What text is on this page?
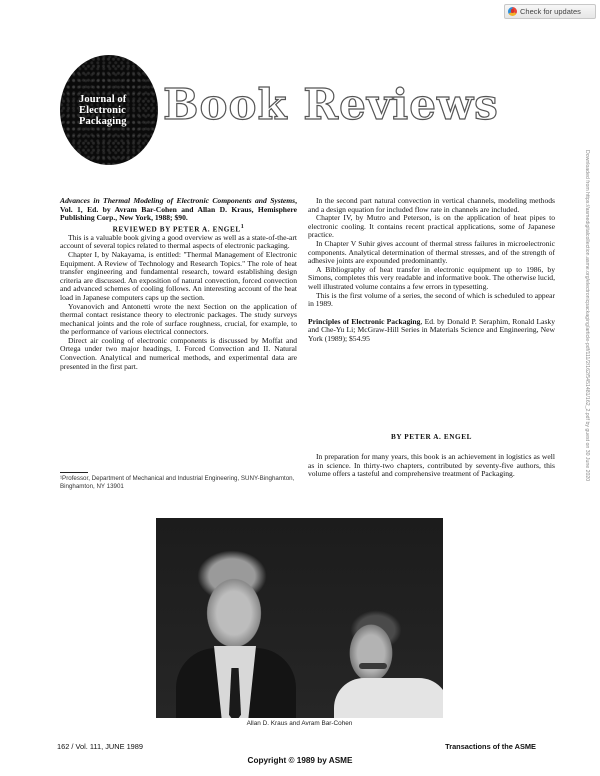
Check for updates
Journal of
Electronic
Packaging Book Reviews

Advances in Thermal Modeling of Electronic Components and Systems, Vol. 1, Ed. by Avram Bar-Cohen and Allan D. Kraus, Hemisphere Publishing Corp., New York, 1988; $90.

REVIEWED BY PETER A. ENGEL$^1$

This is a valuable book giving a good overview as well as a state-of-the-art account of several topics related to thermal aspects of electronic packaging.

Chapter I, by Nakayama, is entitled: "Thermal Management of Electronic Equipment. A Review of Technology and Research Topics." The role of heat transfer engineering and fundamental research, toward establishing design criteria are discussed. An exposition of natural convection, forced convection and advanced schemes of cooling follows. An interesting account of the heat load in Japanese computers caps up the section.

Yovanovich and Antonetti wrote the next Section on the application of thermal contact resistance theory to electronic packages. The study surveys mechanical joints and the role of surface roughness, crucial, for example, to the performance of various electrical connectors.

Direct air cooling of electronic components is discussed by Moffat and Ortega under two major headings, I. Forced Convection and II. Natural Convection. Analytical and numerical methods, and experimental data are presented in the first part.

¹Professor, Department of Mechanical and Industrial Engineering, SUNY-Binghamton, Binghamton, NY 13901

In the second part natural convection in vertical channels, modeling methods and a design equation for included flow rate in channels are included.

Chapter IV, by Mutro and Peterson, is on the application of heat pipes to electronic cooling. It contains recent practical applications, some of Japanese practice.

In Chapter V Suhir gives account of thermal stress failures in microelectronic components. Analytical determination of thermal stresses, and of the strength of adhesive joints are expounded predominantly.

A Bibliography of heat transfer in electronic equipment up to 1986, by Simons, completes this very readable and informative book. The otherwise lucid, well illustrated volume contains a few errors in typesetting.

This is the first volume of a series, the second of which is scheduled to appear in 1989.

Principles of Electronic Packaging, Ed. by Donald P. Seraphim, Ronald Lasky and Che-Yu Li; McGraw-Hill Series in Materials Science and Engineering, New York (1989); $54.95

BY PETER A. ENGEL

In preparation for many years, this book is an achievement in logistics as well as in science. In thirty-two chapters, contributed by seventy-five authors, this volume offers a tasteful and comprehensive treatment of Packaging.

Allan D. Kraus and Avram Bar-Cohen
162 / Vol. 111, JUNE 1989	Transactions of the ASME
Copyright © 1989 by ASME
Downloaded from https://asmedigitalcollection.asme.org/electronicpackaging/article-pdf/111/2/162/5451481/162_2.pdf by guest on 30 June 2020
